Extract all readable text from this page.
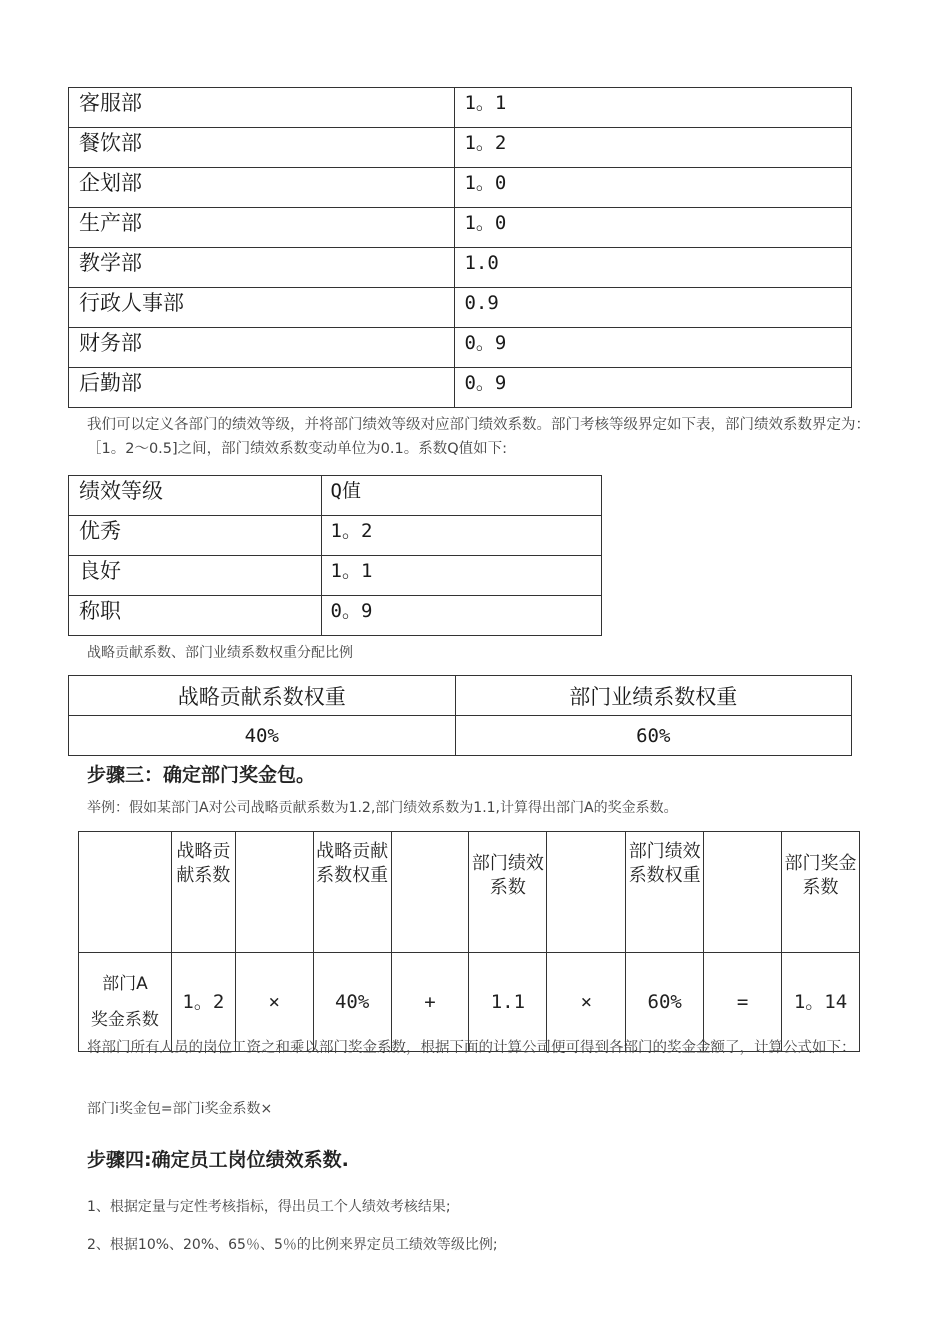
客服部	1。1
餐饮部	1。2
企划部	1。0
生产部	1。0
教学部	1.0
行政人事部	0.9
财务部	0。9
后勤部	0。9
我们可以定义各部门的绩效等级，并将部门绩效等级对应部门绩效系数。部门考核等级界定如下表，部门绩效系数界定为：［1。2～0.5]之间，部门绩效系数变动单位为0.1。系数Q值如下:
绩效等级	Q值
优秀	1。2
良好	1。1
称职	0。9
战略贡献系数、部门业绩系数权重分配比例
战略贡献系数权重	部门业绩系数权重
40%	60%
步骤三：确定部门奖金包。
举例：假如某部门A对公司战略贡献系数为1.2,部门绩效系数为1.1,计算得出部门A的奖金系数。
	战略贡献系数		战略贡献系数权重		部门绩效系数		部门绩效系数权重		部门奖金系数

部门A
奖金系数	1。2	×	40%	+	1.1	×	60%	=	1。14
将部门所有人员的岗位工资之和乘以部门奖金系数，根据下面的计算公司便可得到各部门的奖金金额了，计算公式如下：
部门i奖金包=部门i奖金系数×
步骤四:确定员工岗位绩效系数.
1、根据定量与定性考核指标，得出员工个人绩效考核结果;
2、根据10%、20%、65％、5％的比例来界定员工绩效等级比例;
